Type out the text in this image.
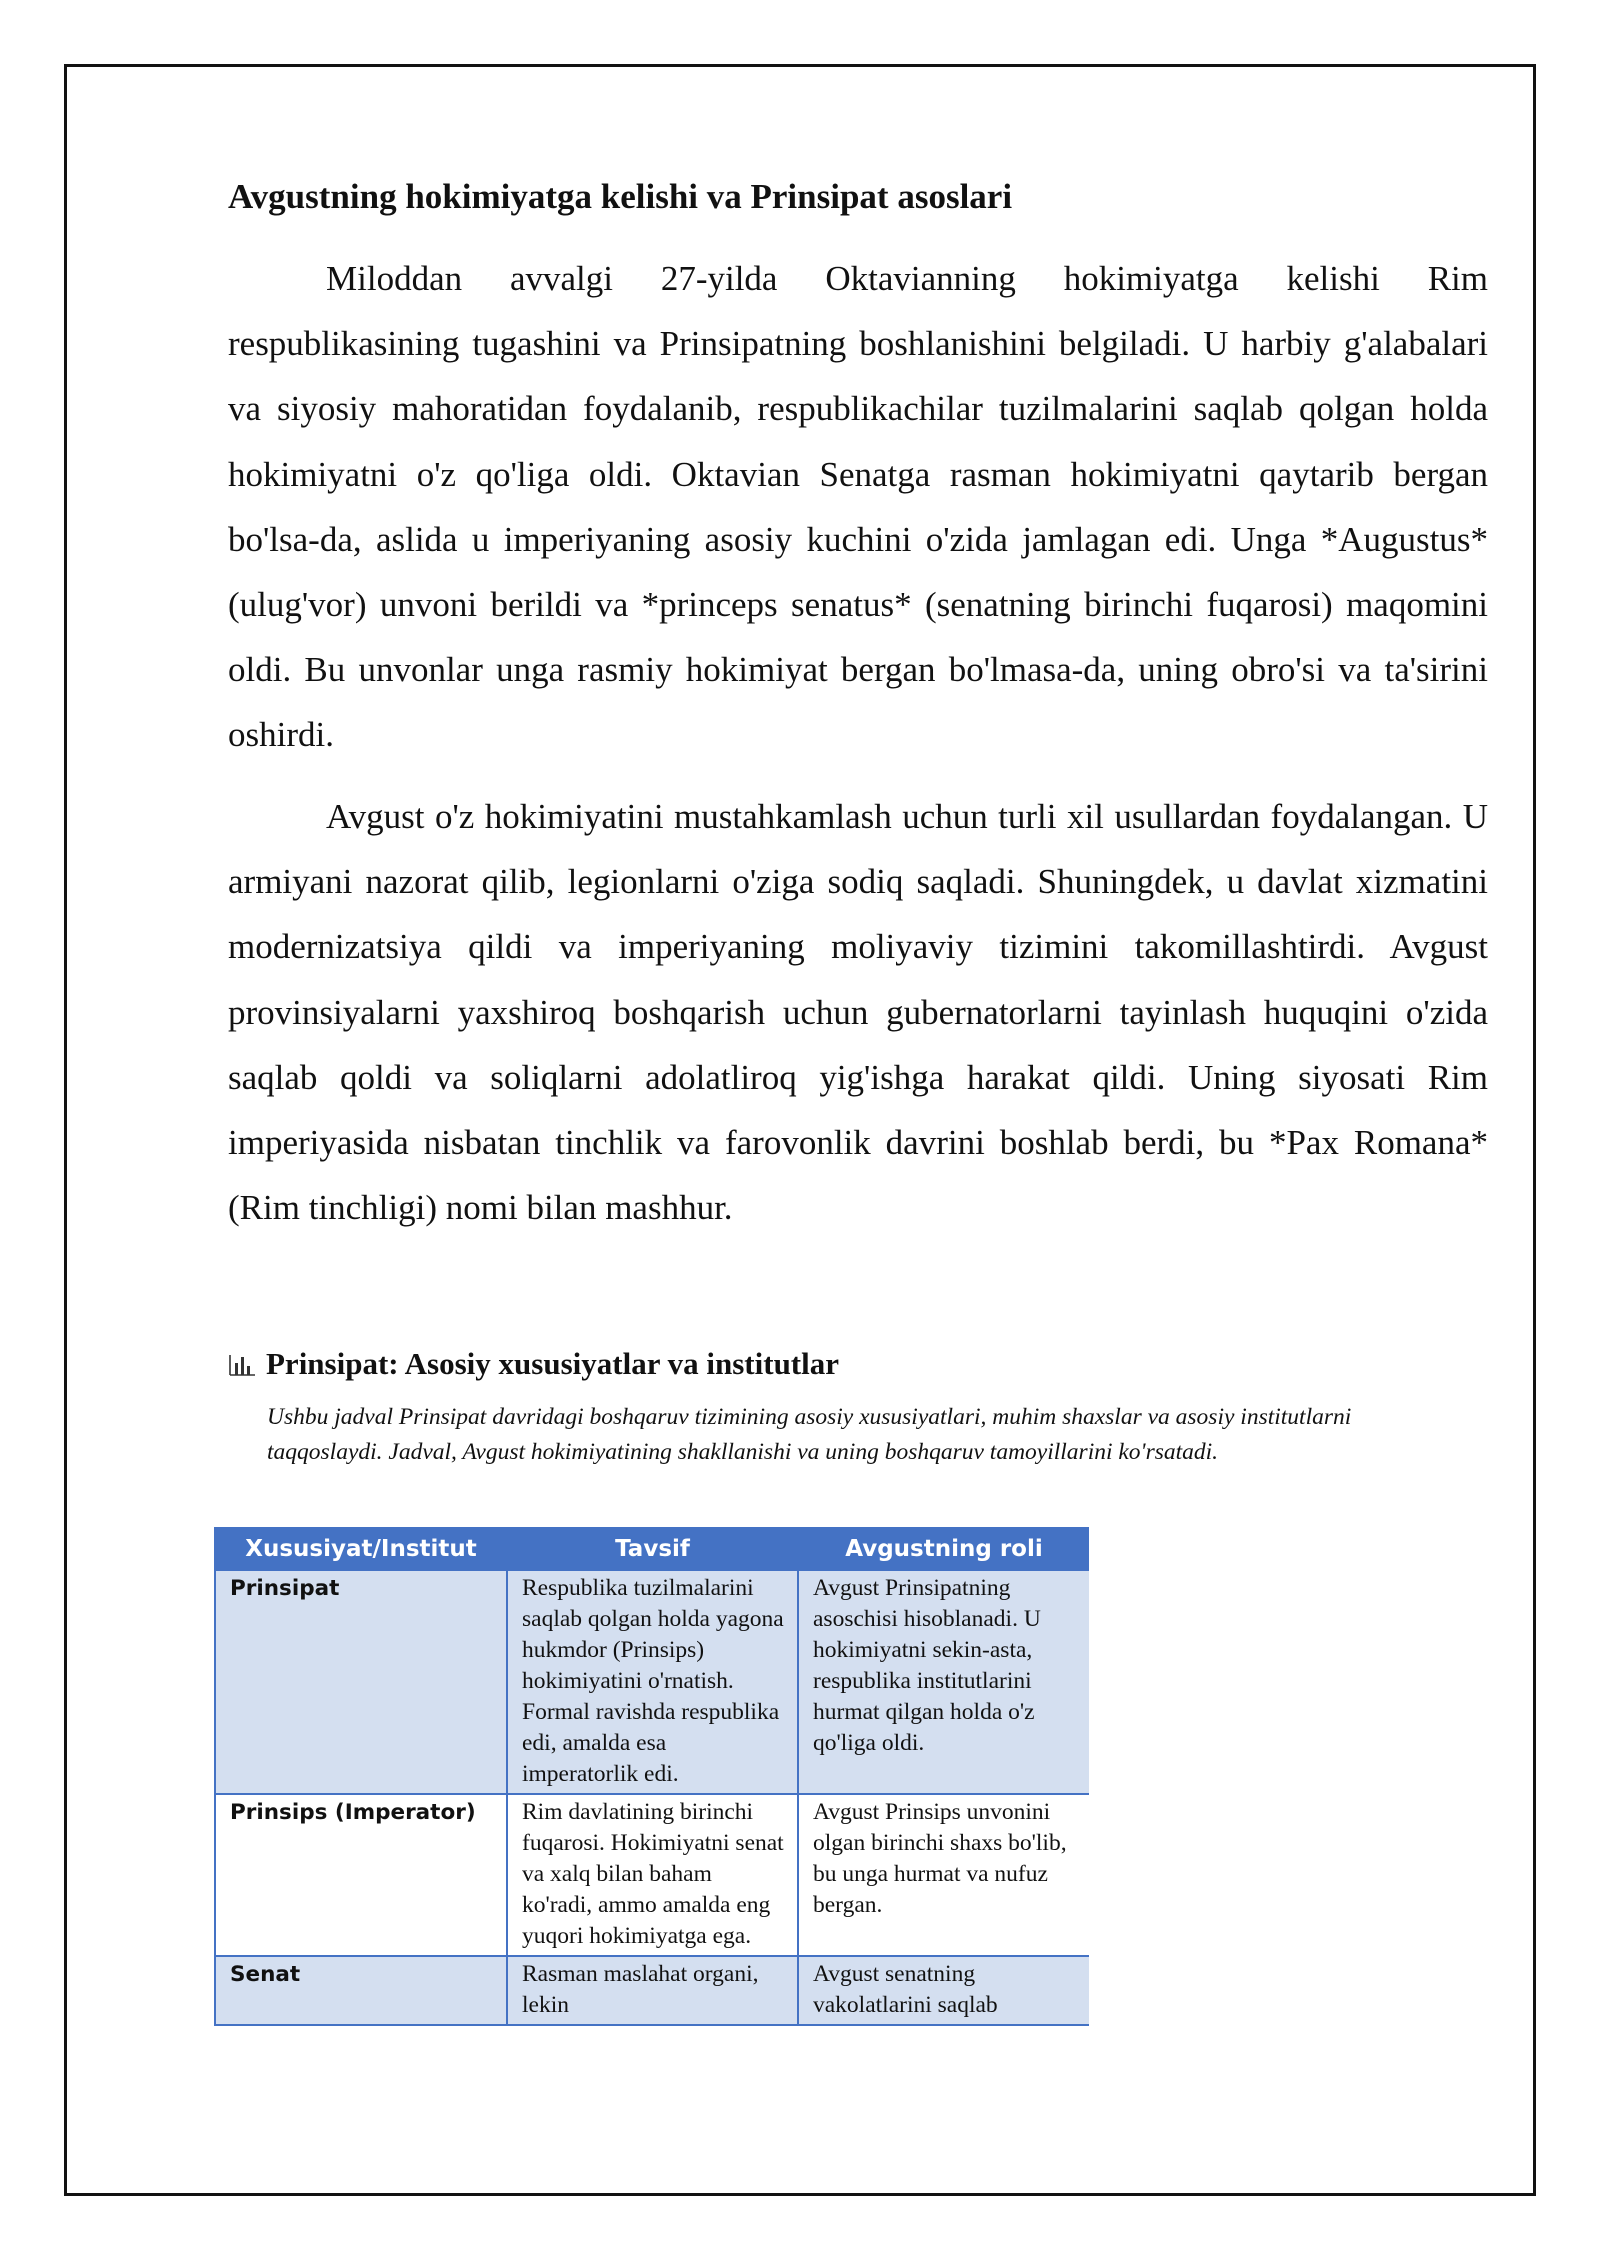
Avgustning hokimiyatga kelishi va Prinsipat asoslari

Miloddan avvalgi 27-yilda Oktavianning hokimiyatga kelishi Rim respublikasining tugashini va Prinsipatning boshlanishini belgiladi. U harbiy g'alabalari va siyosiy mahoratidan foydalanib, respublikachilar tuzilmalarini saqlab qolgan holda hokimiyatni o'z qo'liga oldi. Oktavian Senatga rasman hokimiyatni qaytarib bergan bo'lsa-da, aslida u imperiyaning asosiy kuchini o'zida jamlagan edi. Unga *Augustus* (ulug'vor) unvoni berildi va *princeps senatus* (senatning birinchi fuqarosi) maqomini oldi. Bu unvonlar unga rasmiy hokimiyat bergan bo'lmasa-da, uning obro'si va ta'sirini oshirdi.

Avgust o'z hokimiyatini mustahkamlash uchun turli xil usullardan foydalangan. U armiyani nazorat qilib, legionlarni o'ziga sodiq saqladi. Shuningdek, u davlat xizmatini modernizatsiya qildi va imperiyaning moliyaviy tizimini takomillashtirdi. Avgust provinsiyalarni yaxshiroq boshqarish uchun gubernatorlarni tayinlash huquqini o'zida saqlab qoldi va soliqlarni adolatliroq yig'ishga harakat qildi. Uning siyosati Rim imperiyasida nisbatan tinchlik va farovonlik davrini boshlab berdi, bu *Pax Romana* (Rim tinchligi) nomi bilan mashhur.

Prinsipat: Asosiy xususiyatlar va institutlar

Ushbu jadval Prinsipat davridagi boshqaruv tizimining asosiy xususiyatlari, muhim shaxslar va asosiy institutlarni taqqoslaydi. Jadval, Avgust hokimiyatining shakllanishi va uning boshqaruv tamoyillarini ko'rsatadi.

Xususiyat/Institut	Tavsif	Avgustning roli
Prinsipat	Respublika tuzilmalarini saqlab qolgan holda yagona hukmdor (Prinsips) hokimiyatini o'rnatish. Formal ravishda respublika edi, amalda esa imperatorlik edi.	Avgust Prinsipatning asoschisi hisoblanadi. U hokimiyatni sekin-asta, respublika institutlarini hurmat qilgan holda o'z qo'liga oldi.
Prinsips (Imperator)	Rim davlatining birinchi fuqarosi. Hokimiyatni senat va xalq bilan baham ko'radi, ammo amalda eng yuqori hokimiyatga ega.	Avgust Prinsips unvonini olgan birinchi shaxs bo'lib, bu unga hurmat va nufuz bergan.
Senat	Rasman maslahat organi, lekin	Avgust senatning vakolatlarini saqlab
